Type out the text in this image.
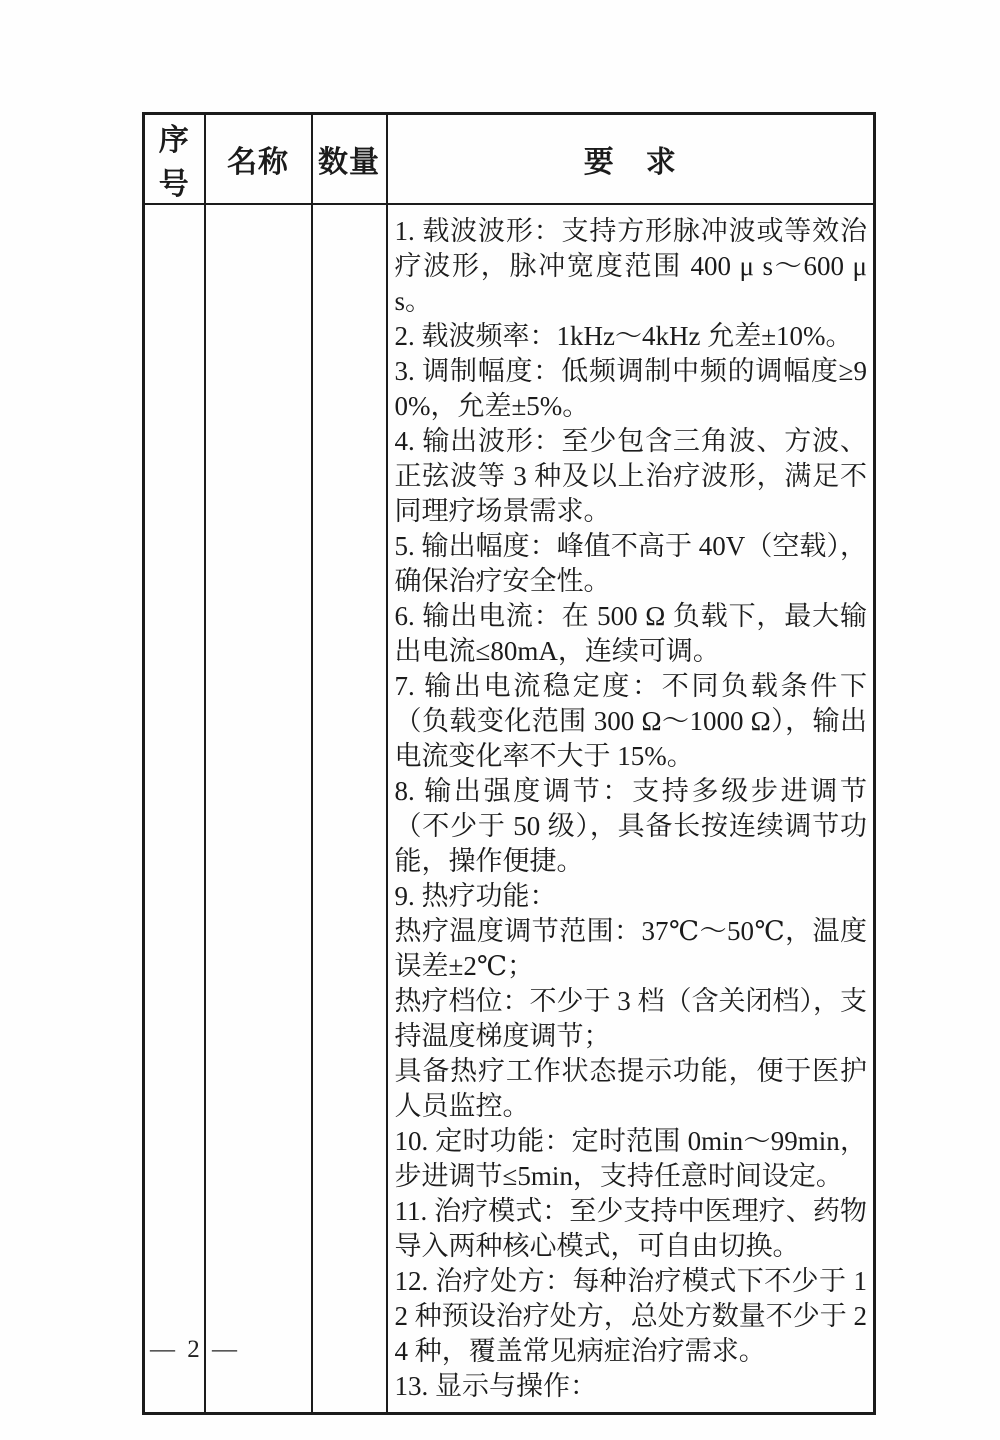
序号	名称	数量	要　求

1. 载波波形：支持方形脉冲波或等效治疗波形，脉冲宽度范围 400 μ s～600 μ s。

2. 载波频率：1kHz～4kHz 允差±10%。

3. 调制幅度：低频调制中频的调幅度≥90%，允差±5%。

4. 输出波形：至少包含三角波、方波、正弦波等 3 种及以上治疗波形，满足不同理疗场景需求。

5. 输出幅度：峰值不高于 40V（空载），确保治疗安全性。

6. 输出电流：在 500 Ω 负载下，最大输出电流≤80mA，连续可调。

7. 输出电流稳定度：不同负载条件下（负载变化范围 300 Ω～1000 Ω），输出电流变化率不大于 15%。

8. 输出强度调节：支持多级步进调节（不少于 50 级），具备长按连续调节功能，操作便捷。

9. 热疗功能：

热疗温度调节范围：37℃～50℃，温度误差±2℃；

热疗档位：不少于 3 档（含关闭档），支持温度梯度调节；

具备热疗工作状态提示功能，便于医护人员监控。

10. 定时功能：定时范围 0min～99min，步进调节≤5min，支持任意时间设定。

11. 治疗模式：至少支持中医理疗、药物导入两种核心模式，可自由切换。

12. 治疗处方：每种治疗模式下不少于 12 种预设治疗处方，总处方数量不少于 24 种，覆盖常见病症治疗需求。

13. 显示与操作：

— 2 —
